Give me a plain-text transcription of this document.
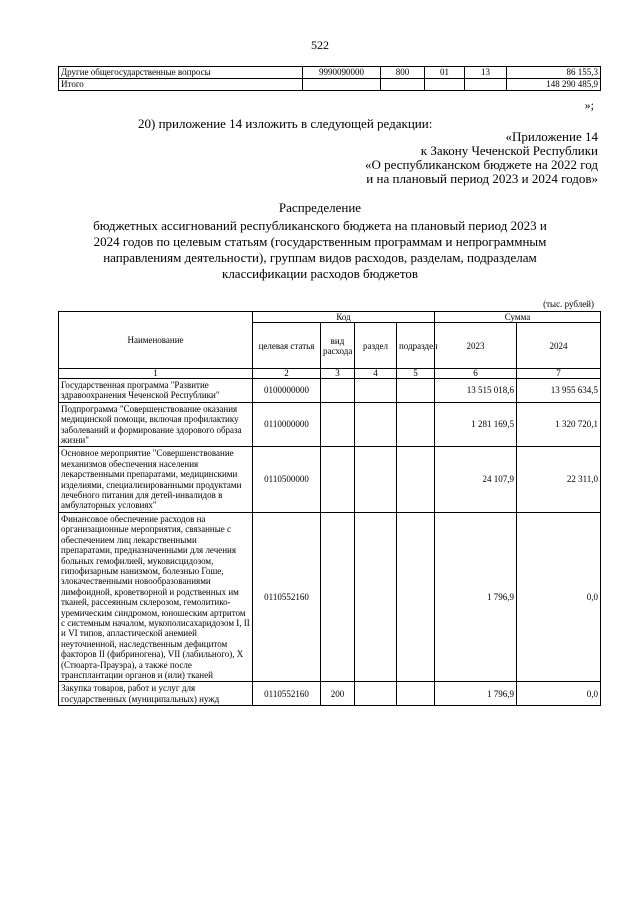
522
Другие общегосударственные вопросы	9990090000	800	01	13	86 155,3
Итого					148 290 485,9
»;
20) приложение 14 изложить в следующей редакции:
«Приложение 14
к Закону Чеченской Республики
«О республиканском бюджете на 2022 год
и на плановый период 2023 и 2024 годов»
Распределение
бюджетных ассигнований республиканского бюджета на плановый период 2023 и 2024 годов по целевым статьям (государственным программам и непрограммным направлениям деятельности), группам видов расходов, разделам, подразделам классификации расходов бюджетов
(тыс. рублей)
Наименование	Код				Сумма	
	целевая статья	вид расхода	раздел	подраздел	2023	2024
1	2	3	4	5	6	7
Государственная программа "Развитие здравоохранения Чеченской Республики"	0100000000				13 515 018,6	13 955 634,5
Подпрограмма "Совершенствование оказания медицинской помощи, включая профилактику заболеваний и формирование здорового образа жизни"	0110000000				1 281 169,5	1 320 720,1
Основное мероприятие "Совершенствование механизмов обеспечения населения лекарственными препаратами, медицинскими изделиями, специализированными продуктами лечебного питания для детей-инвалидов в амбулаторных условиях"	0110500000				24 107,9	22 311,0
Финансовое обеспечение расходов на организационные мероприятия, связанные с обеспечением лиц лекарственными препаратами, предназначенными для лечения больных гемофилией, муковисцидозом, гипофизарным нанизмом, болезнью Гоше, злокачественными новообразованиями лимфоидной, кроветворной и родственных им тканей, рассеянным склерозом, гемолитико-уремическим синдромом, юношеским артритом с системным началом, мукополисахаридозом I, II и VI типов, апластической анемией неуточненной, наследственным дефицитом факторов II (фибриногена), VII (лабильного), X (Стюарта-Прауэра), а также после трансплантации органов и (или) тканей	0110552160				1 796,9	0,0
Закупка товаров, работ и услуг для государственных (муниципальных) нужд	0110552160	200			1 796,9	0,0
